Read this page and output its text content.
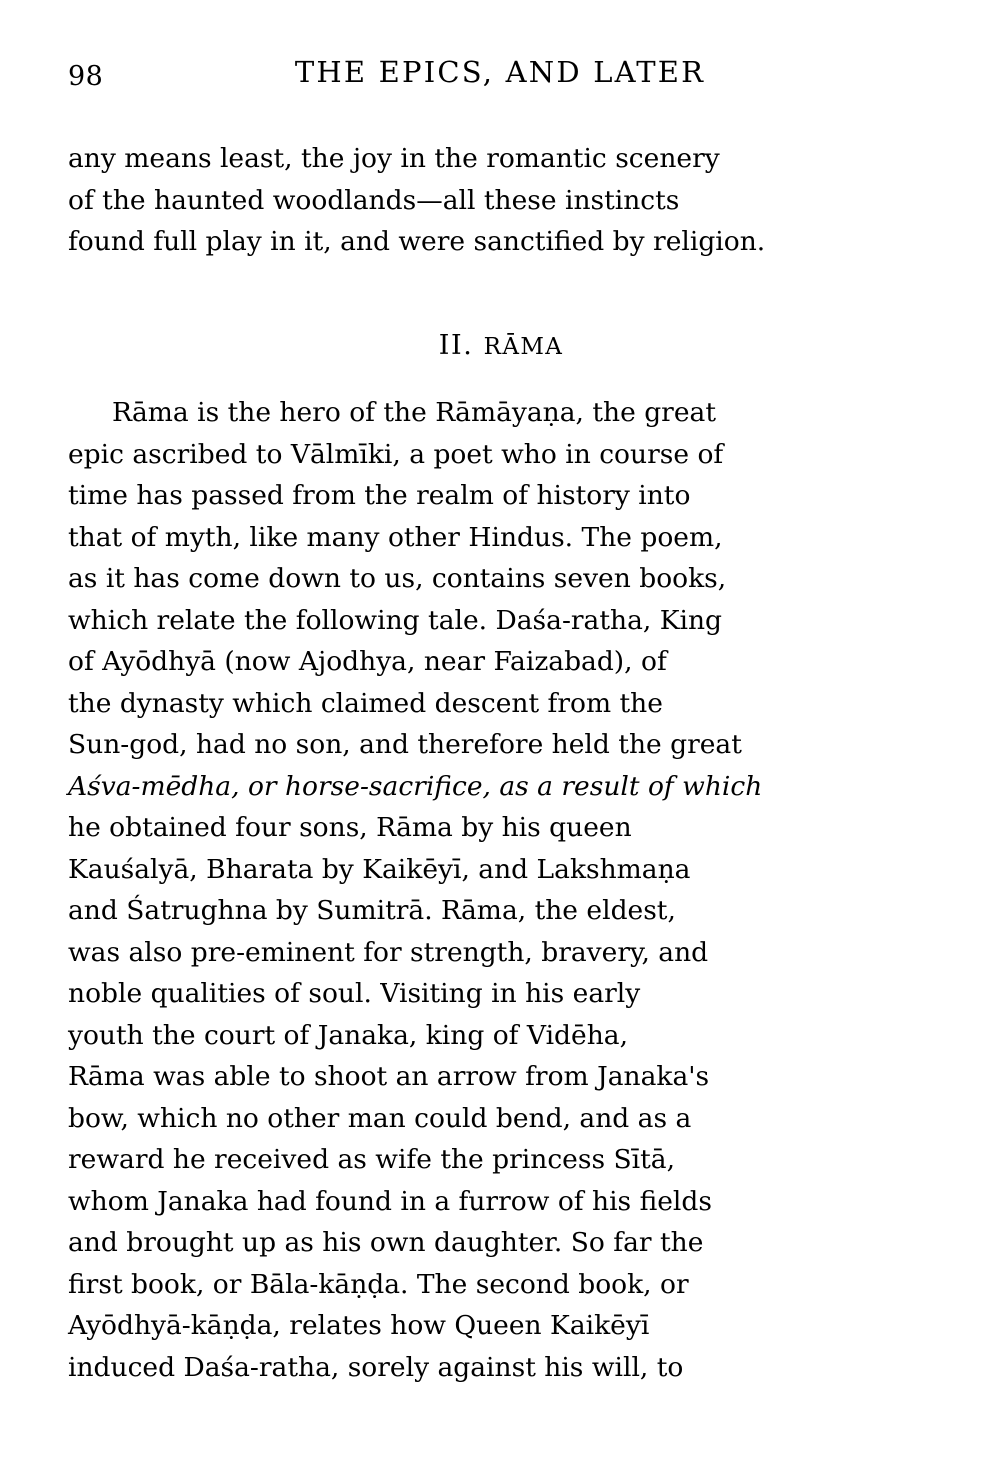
98	THE EPICS, AND LATER
any means least, the joy in the romantic scenery
of the haunted woodlands—all these instincts
found full play in it, and were sanctified by religion.
II. RĀMA
Rāma is the hero of the Rāmāyaṇa, the great
epic ascribed to Vālmīki, a poet who in course of
time has passed from the realm of history into
that of myth, like many other Hindus. The poem,
as it has come down to us, contains seven books,
which relate the following tale. Daśa-ratha, King
of Ayōdhyā (now Ajodhya, near Faizabad), of
the dynasty which claimed descent from the
Sun-god, had no son, and therefore held the great
Aśva-mēdha, or horse-sacrifice, as a result of which
he obtained four sons, Rāma by his queen
Kauśalyā, Bharata by Kaikēyī, and Lakshmaṇa
and Śatrughna by Sumitrā. Rāma, the eldest,
was also pre-eminent for strength, bravery, and
noble qualities of soul. Visiting in his early
youth the court of Janaka, king of Vidēha,
Rāma was able to shoot an arrow from Janaka's
bow, which no other man could bend, and as a
reward he received as wife the princess Sītā,
whom Janaka had found in a furrow of his fields
and brought up as his own daughter. So far the
first book, or Bāla-kāṇḍa. The second book, or
Ayōdhyā-kāṇḍa, relates how Queen Kaikēyī
induced Daśa-ratha, sorely against his will, to
